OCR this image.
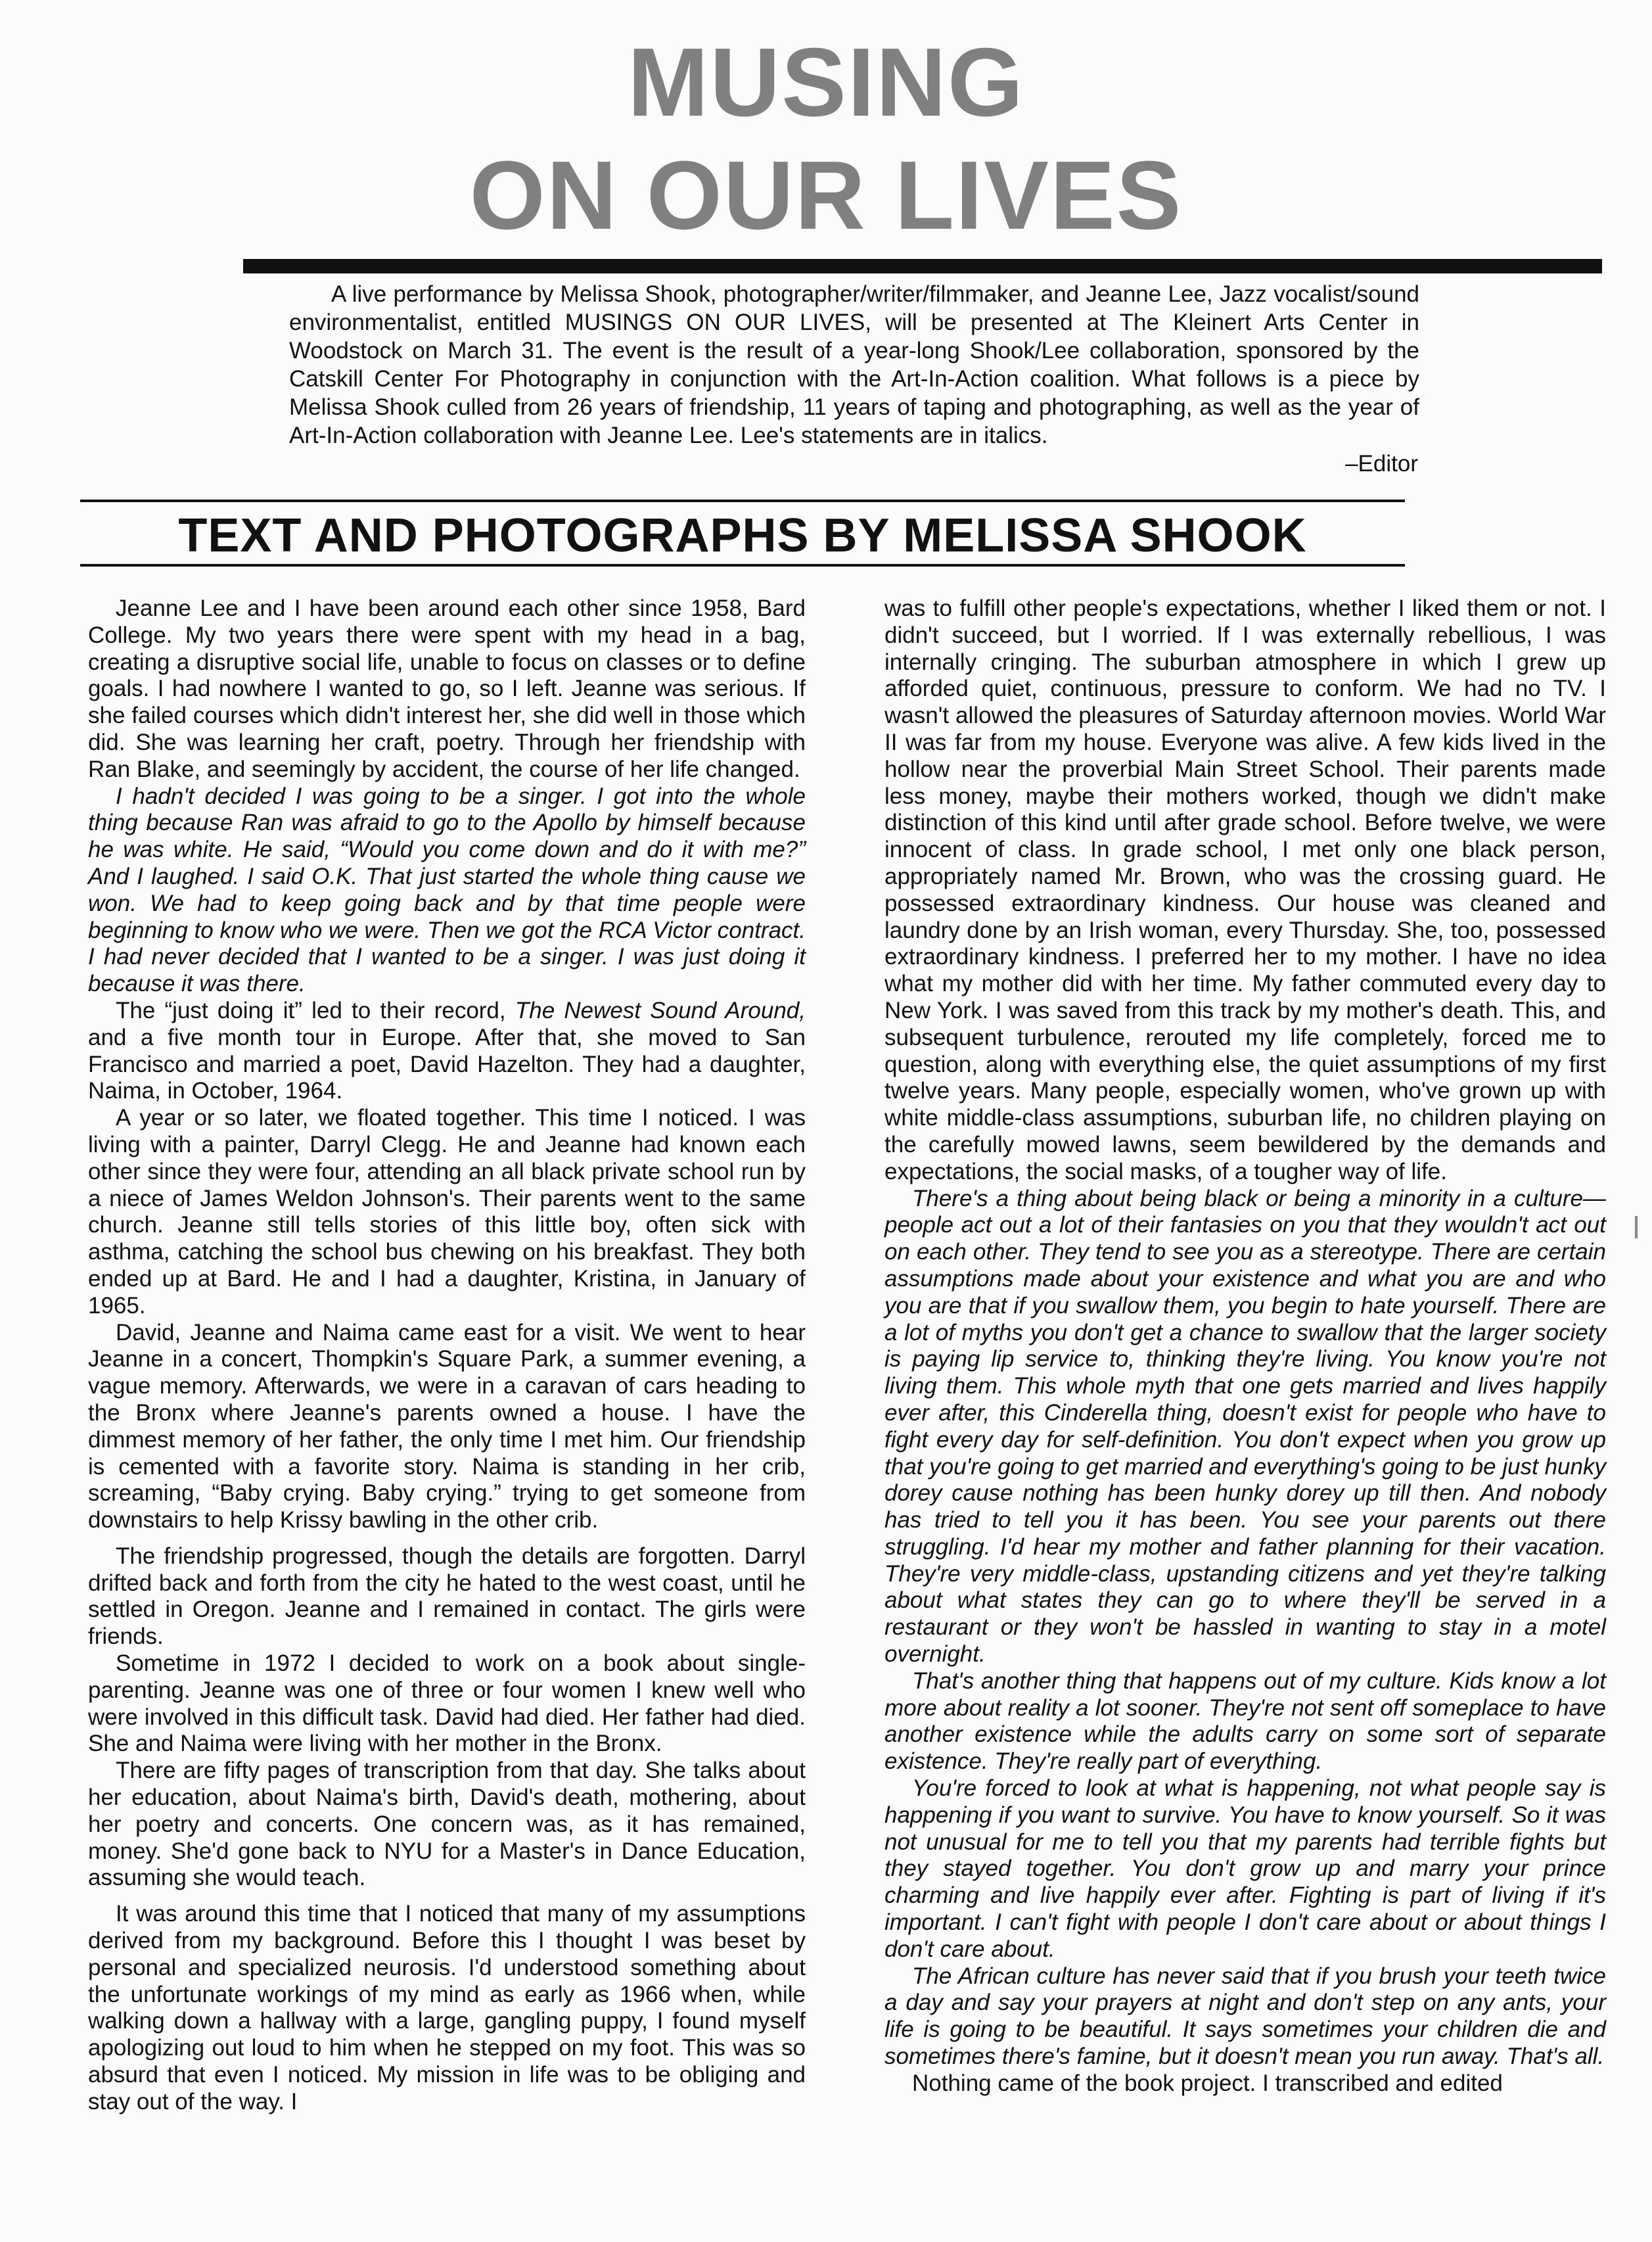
MUSING
ON OUR LIVES

A live performance by Melissa Shook, photographer/writer/filmmaker, and Jeanne Lee, Jazz vocalist/sound environmentalist, entitled MUSINGS ON OUR LIVES, will be presented at The Kleinert Arts Center in Woodstock on March 31. The event is the result of a year-long Shook/Lee collaboration, sponsored by the Catskill Center For Photography in conjunction with the Art-In-Action coalition. What follows is a piece by Melissa Shook culled from 26 years of friendship, 11 years of taping and photographing, as well as the year of Art-In-Action collaboration with Jeanne Lee. Lee's statements are in italics.

–Editor
TEXT AND PHOTOGRAPHS BY MELISSA SHOOK

Jeanne Lee and I have been around each other since 1958, Bard College. My two years there were spent with my head in a bag, creating a disruptive social life, unable to focus on classes or to define goals. I had nowhere I wanted to go, so I left. Jeanne was serious. If she failed courses which didn't interest her, she did well in those which did. She was learning her craft, poetry. Through her friendship with Ran Blake, and seemingly by accident, the course of her life changed.

I hadn't decided I was going to be a singer. I got into the whole thing because Ran was afraid to go to the Apollo by himself because he was white. He said, “Would you come down and do it with me?” And I laughed. I said O.K. That just started the whole thing cause we won. We had to keep going back and by that time people were beginning to know who we were. Then we got the RCA Victor contract. I had never decided that I wanted to be a singer. I was just doing it because it was there.

The “just doing it” led to their record, The Newest Sound Around, and a five month tour in Europe. After that, she moved to San Francisco and married a poet, David Hazelton. They had a daughter, Naima, in October, 1964.

A year or so later, we floated together. This time I noticed. I was living with a painter, Darryl Clegg. He and Jeanne had known each other since they were four, attending an all black private school run by a niece of James Weldon Johnson's. Their parents went to the same church. Jeanne still tells stories of this little boy, often sick with asthma, catching the school bus chewing on his breakfast. They both ended up at Bard. He and I had a daughter, Kristina, in January of 1965.

David, Jeanne and Naima came east for a visit. We went to hear Jeanne in a concert, Thompkin's Square Park, a summer evening, a vague memory. Afterwards, we were in a caravan of cars heading to the Bronx where Jeanne's parents owned a house. I have the dimmest memory of her father, the only time I met him. Our friendship is cemented with a favorite story. Naima is standing in her crib, screaming, “Baby crying. Baby crying.” trying to get someone from downstairs to help Krissy bawling in the other crib.

The friendship progressed, though the details are forgotten. Darryl drifted back and forth from the city he hated to the west coast, until he settled in Oregon. Jeanne and I remained in contact. The girls were friends.

Sometime in 1972 I decided to work on a book about single-parenting. Jeanne was one of three or four women I knew well who were involved in this difficult task. David had died. Her father had died. She and Naima were living with her mother in the Bronx.

There are fifty pages of transcription from that day. She talks about her education, about Naima's birth, David's death, mothering, about her poetry and concerts. One concern was, as it has remained, money. She'd gone back to NYU for a Master's in Dance Education, assuming she would teach.

It was around this time that I noticed that many of my assumptions derived from my background. Before this I thought I was beset by personal and specialized neurosis. I'd understood something about the unfortunate workings of my mind as early as 1966 when, while walking down a hallway with a large, gangling puppy, I found myself apologizing out loud to him when he stepped on my foot. This was so absurd that even I noticed. My mission in life was to be obliging and stay out of the way. I

was to fulfill other people's expectations, whether I liked them or not. I didn't succeed, but I worried. If I was externally rebellious, I was internally cringing. The suburban atmosphere in which I grew up afforded quiet, continuous, pressure to conform. We had no TV. I wasn't allowed the pleasures of Saturday afternoon movies. World War II was far from my house. Everyone was alive. A few kids lived in the hollow near the proverbial Main Street School. Their parents made less money, maybe their mothers worked, though we didn't make distinction of this kind until after grade school. Before twelve, we were innocent of class. In grade school, I met only one black person, appropriately named Mr. Brown, who was the crossing guard. He possessed extraordinary kindness. Our house was cleaned and laundry done by an Irish woman, every Thursday. She, too, possessed extraordinary kindness. I preferred her to my mother. I have no idea what my mother did with her time. My father commuted every day to New York. I was saved from this track by my mother's death. This, and subsequent turbulence, rerouted my life completely, forced me to question, along with everything else, the quiet assumptions of my first twelve years. Many people, especially women, who've grown up with white middle-class assumptions, suburban life, no children playing on the carefully mowed lawns, seem bewildered by the demands and expectations, the social masks, of a tougher way of life.

There's a thing about being black or being a minority in a culture—people act out a lot of their fantasies on you that they wouldn't act out on each other. They tend to see you as a stereotype. There are certain assumptions made about your existence and what you are and who you are that if you swallow them, you begin to hate yourself. There are a lot of myths you don't get a chance to swallow that the larger society is paying lip service to, thinking they're living. You know you're not living them. This whole myth that one gets married and lives happily ever after, this Cinderella thing, doesn't exist for people who have to fight every day for self-definition. You don't expect when you grow up that you're going to get married and everything's going to be just hunky dorey cause nothing has been hunky dorey up till then. And nobody has tried to tell you it has been. You see your parents out there struggling. I'd hear my mother and father planning for their vacation. They're very middle-class, upstanding citizens and yet they're talking about what states they can go to where they'll be served in a restaurant or they won't be hassled in wanting to stay in a motel overnight.

That's another thing that happens out of my culture. Kids know a lot more about reality a lot sooner. They're not sent off someplace to have another existence while the adults carry on some sort of separate existence. They're really part of everything.

You're forced to look at what is happening, not what people say is happening if you want to survive. You have to know yourself. So it was not unusual for me to tell you that my parents had terrible fights but they stayed together. You don't grow up and marry your prince charming and live happily ever after. Fighting is part of living if it's important. I can't fight with people I don't care about or about things I don't care about.

The African culture has never said that if you brush your teeth twice a day and say your prayers at night and don't step on any ants, your life is going to be beautiful. It says sometimes your children die and sometimes there's famine, but it doesn't mean you run away. That's all.

Nothing came of the book project. I transcribed and edited
